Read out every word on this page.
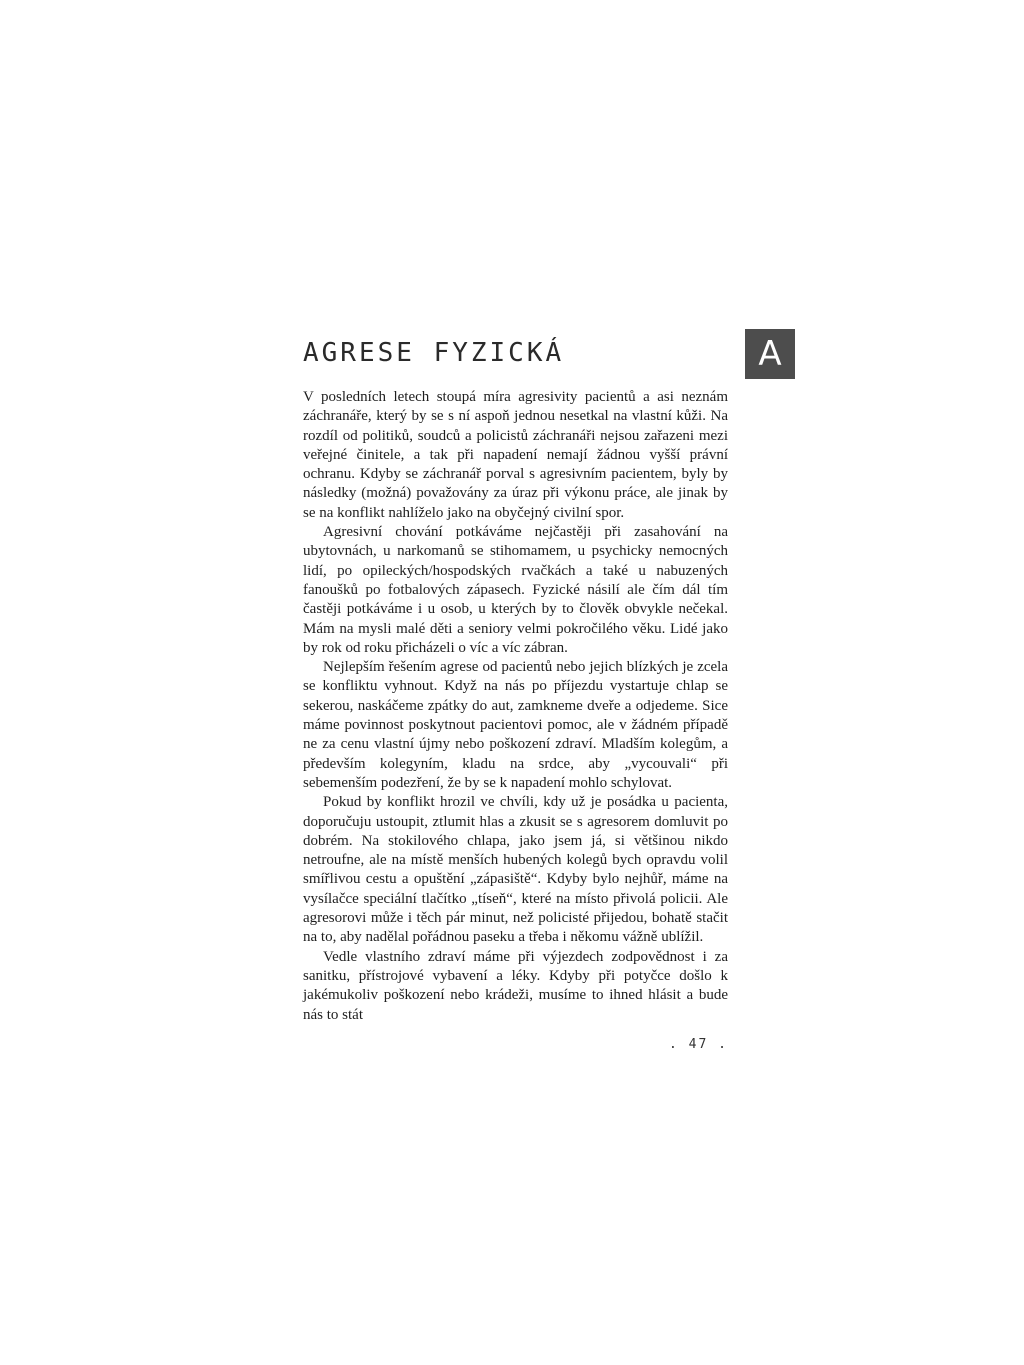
AGRESE FYZICKÁ	A

V posledních letech stoupá míra agresivity pacientů a asi neznám záchranáře, který by se s ní aspoň jednou nesetkal na vlastní kůži. Na rozdíl od politiků, soudců a policistů záchranáři nejsou zařazeni mezi veřejné činitele, a tak při napadení nemají žádnou vyšší právní ochranu. Kdyby se záchranář porval s agresivním pacientem, byly by následky (možná) považovány za úraz při výkonu práce, ale jinak by se na konflikt nahlíželo jako na obyčejný civilní spor.

Agresivní chování potkáváme nejčastěji při zasahování na ubytovnách, u narkomanů se stihomamem, u psychicky nemocných lidí, po opileckých/hospodských rvačkách a také u nabuzených fanoušků po fotbalových zápasech. Fyzické násilí ale čím dál tím častěji potkáváme i u osob, u kterých by to člověk obvykle nečekal. Mám na mysli malé děti a seniory velmi pokročilého věku. Lidé jako by rok od roku přicházeli o víc a víc zábran.

Nejlepším řešením agrese od pacientů nebo jejich blízkých je zcela se konfliktu vyhnout. Když na nás po příjezdu vystartuje chlap se sekerou, naskáčeme zpátky do aut, zamkneme dveře a odjedeme. Sice máme povinnost poskytnout pacientovi pomoc, ale v žádném případě ne za cenu vlastní újmy nebo poškození zdraví. Mladším kolegům, a především kolegyním, kladu na srdce, aby „vycouvali“ při sebemenším podezření, že by se k napadení mohlo schylovat.

Pokud by konflikt hrozil ve chvíli, kdy už je posádka u pacienta, doporučuju ustoupit, ztlumit hlas a zkusit se s agresorem domluvit po dobrém. Na stokilového chlapa, jako jsem já, si většinou nikdo netroufne, ale na místě menších hubených kolegů bych opravdu volil smířlivou cestu a opuštění „zápasiště“. Kdyby bylo nejhůř, máme na vysílačce speciální tlačítko „tíseň“, které na místo přivolá policii. Ale agresorovi může i těch pár minut, než policisté přijedou, bohatě stačit na to, aby nadělal pořádnou paseku a třeba i někomu vážně ublížil.

Vedle vlastního zdraví máme při výjezdech zodpovědnost i za sanitku, přístrojové vybavení a léky. Kdyby při potyčce došlo k jakémukoliv poškození nebo krádeži, musíme to ihned hlásit a bude nás to stát

. 47 .
